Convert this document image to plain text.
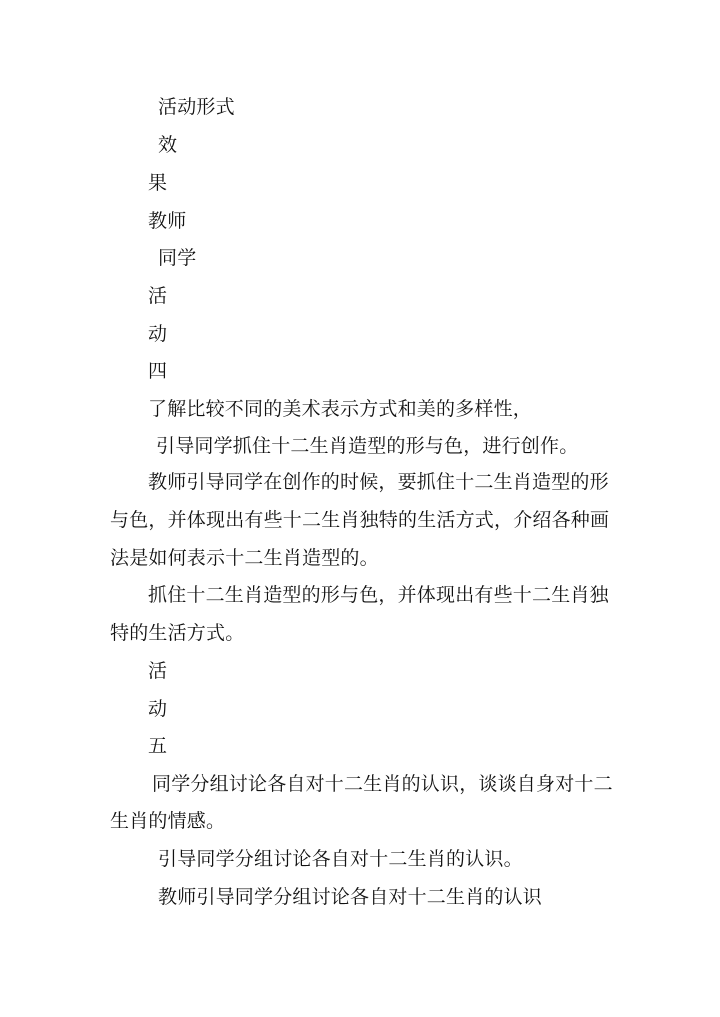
活动形式
效
果
教师
同学
活
动
四
了解比较不同的美术表示方式和美的多样性，
引导同学抓住十二生肖造型的形与色，进行创作。
教师引导同学在创作的时候，要抓住十二生肖造型的形
与色，并体现出有些十二生肖独特的生活方式，介绍各种画
法是如何表示十二生肖造型的。
抓住十二生肖造型的形与色，并体现出有些十二生肖独
特的生活方式。
活
动
五
同学分组讨论各自对十二生肖的认识，谈谈自身对十二
生肖的情感。
引导同学分组讨论各自对十二生肖的认识。
教师引导同学分组讨论各自对十二生肖的认识
